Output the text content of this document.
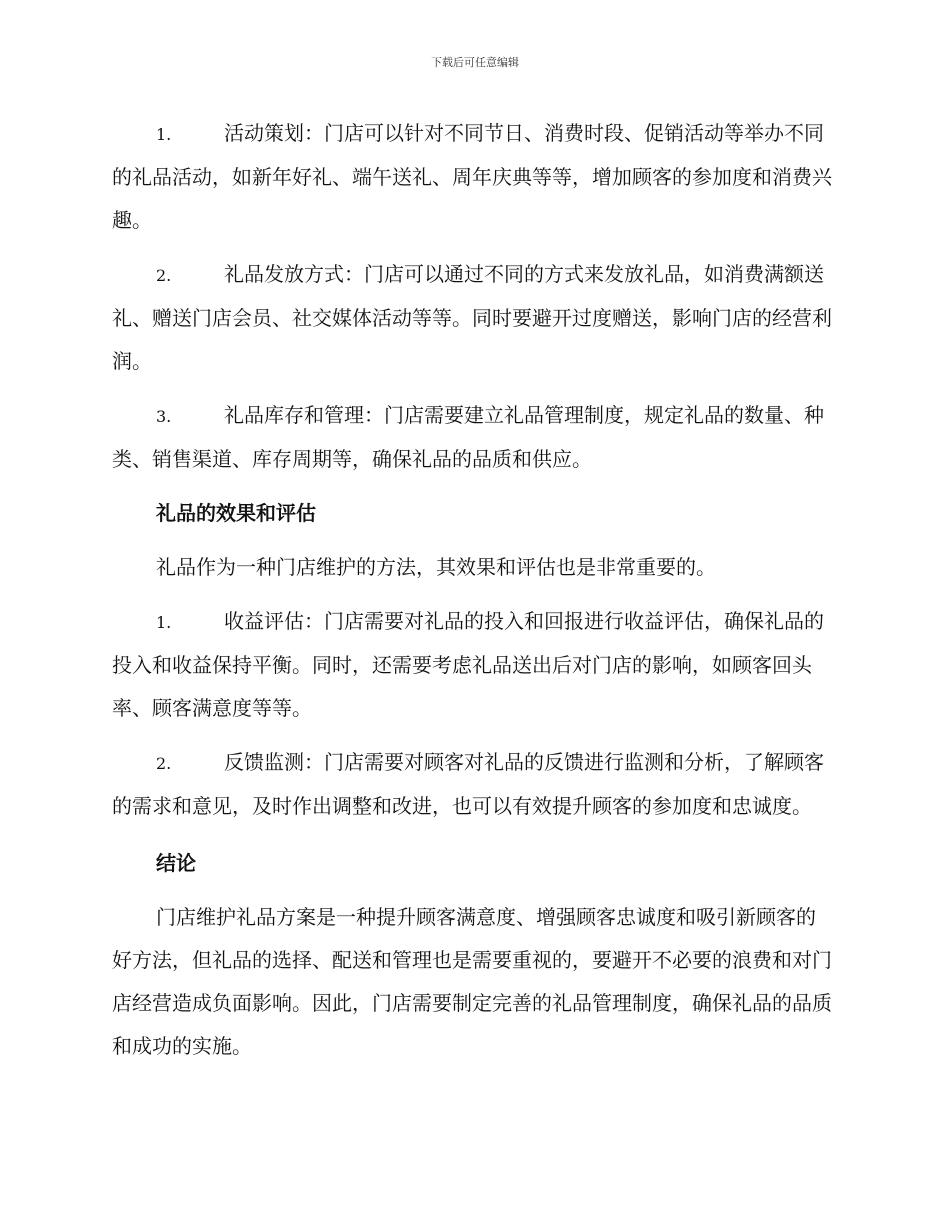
下载后可任意编辑

1.	活动策划：门店可以针对不同节日、消费时段、促销活动等举办不同的礼品活动，如新年好礼、端午送礼、周年庆典等等，增加顾客的参加度和消费兴趣。

2.	礼品发放方式：门店可以通过不同的方式来发放礼品，如消费满额送礼、赠送门店会员、社交媒体活动等等。同时要避开过度赠送，影响门店的经营利润。

3.	礼品库存和管理：门店需要建立礼品管理制度，规定礼品的数量、种类、销售渠道、库存周期等，确保礼品的品质和供应。

礼品的效果和评估

礼品作为一种门店维护的方法，其效果和评估也是非常重要的。

1.	收益评估：门店需要对礼品的投入和回报进行收益评估，确保礼品的投入和收益保持平衡。同时，还需要考虑礼品送出后对门店的影响，如顾客回头率、顾客满意度等等。

2.	反馈监测：门店需要对顾客对礼品的反馈进行监测和分析，了解顾客的需求和意见，及时作出调整和改进，也可以有效提升顾客的参加度和忠诚度。

结论

门店维护礼品方案是一种提升顾客满意度、增强顾客忠诚度和吸引新顾客的好方法，但礼品的选择、配送和管理也是需要重视的，要避开不必要的浪费和对门店经营造成负面影响。因此，门店需要制定完善的礼品管理制度，确保礼品的品质和成功的实施。
